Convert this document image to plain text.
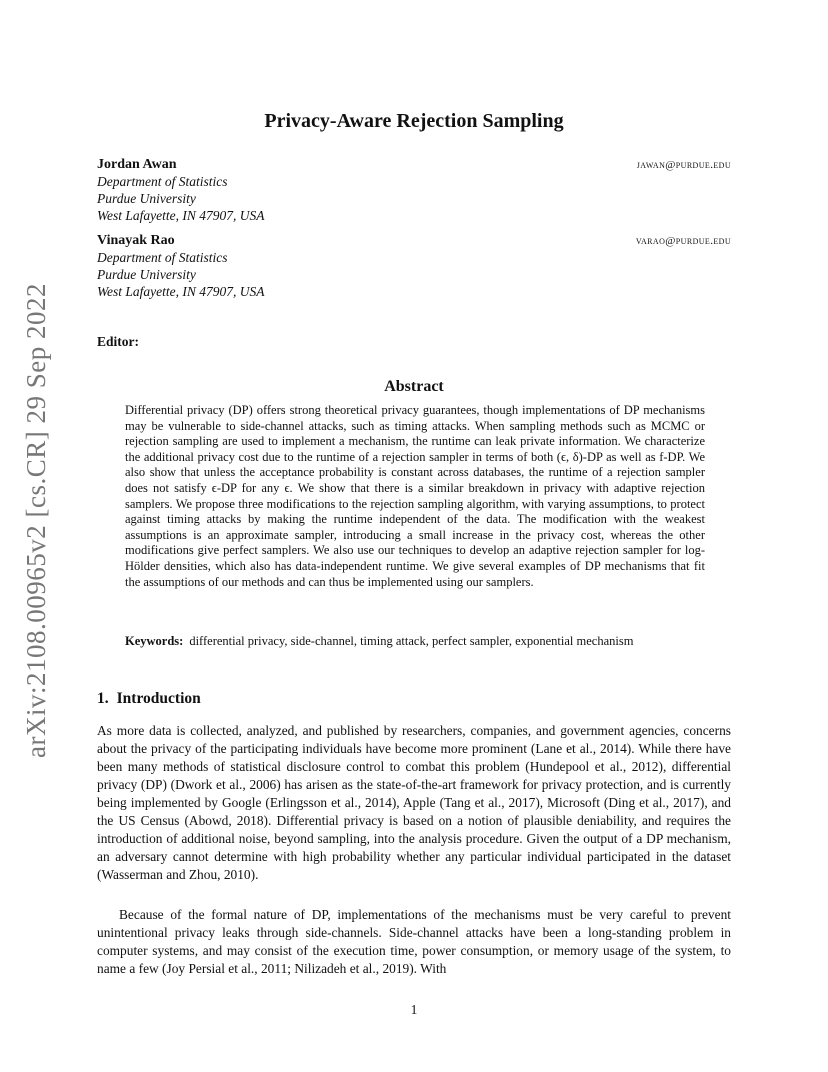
arXiv:2108.00965v2 [cs.CR] 29 Sep 2022
Privacy-Aware Rejection Sampling
Jordan Awan	jawan@purdue.edu
Department of Statistics
Purdue University
West Lafayette, IN 47907, USA
Vinayak Rao	varao@purdue.edu
Department of Statistics
Purdue University
West Lafayette, IN 47907, USA
Editor:
Abstract

Differential privacy (DP) offers strong theoretical privacy guarantees, though implementations of DP mechanisms may be vulnerable to side-channel attacks, such as timing attacks. When sampling methods such as MCMC or rejection sampling are used to implement a mechanism, the runtime can leak private information. We characterize the additional privacy cost due to the runtime of a rejection sampler in terms of both (ϵ, δ)-DP as well as f-DP. We also show that unless the acceptance probability is constant across databases, the runtime of a rejection sampler does not satisfy ϵ-DP for any ϵ. We show that there is a similar breakdown in privacy with adaptive rejection samplers. We propose three modifications to the rejection sampling algorithm, with varying assumptions, to protect against timing attacks by making the runtime independent of the data. The modification with the weakest assumptions is an approximate sampler, introducing a small increase in the privacy cost, whereas the other modifications give perfect samplers. We also use our techniques to develop an adaptive rejection sampler for log-Hölder densities, which also has data-independent runtime. We give several examples of DP mechanisms that fit the assumptions of our methods and can thus be implemented using our samplers.

Keywords: differential privacy, side-channel, timing attack, perfect sampler, exponential mechanism

1. Introduction

As more data is collected, analyzed, and published by researchers, companies, and government agencies, concerns about the privacy of the participating individuals have become more prominent (Lane et al., 2014). While there have been many methods of statistical disclosure control to combat this problem (Hundepool et al., 2012), differential privacy (DP) (Dwork et al., 2006) has arisen as the state-of-the-art framework for privacy protection, and is currently being implemented by Google (Erlingsson et al., 2014), Apple (Tang et al., 2017), Microsoft (Ding et al., 2017), and the US Census (Abowd, 2018). Differential privacy is based on a notion of plausible deniability, and requires the introduction of additional noise, beyond sampling, into the analysis procedure. Given the output of a DP mechanism, an adversary cannot determine with high probability whether any particular individual participated in the dataset (Wasserman and Zhou, 2010).

Because of the formal nature of DP, implementations of the mechanisms must be very careful to prevent unintentional privacy leaks through side-channels. Side-channel attacks have been a long-standing problem in computer systems, and may consist of the execution time, power consumption, or memory usage of the system, to name a few (Joy Persial et al., 2011; Nilizadeh et al., 2019). With

1
